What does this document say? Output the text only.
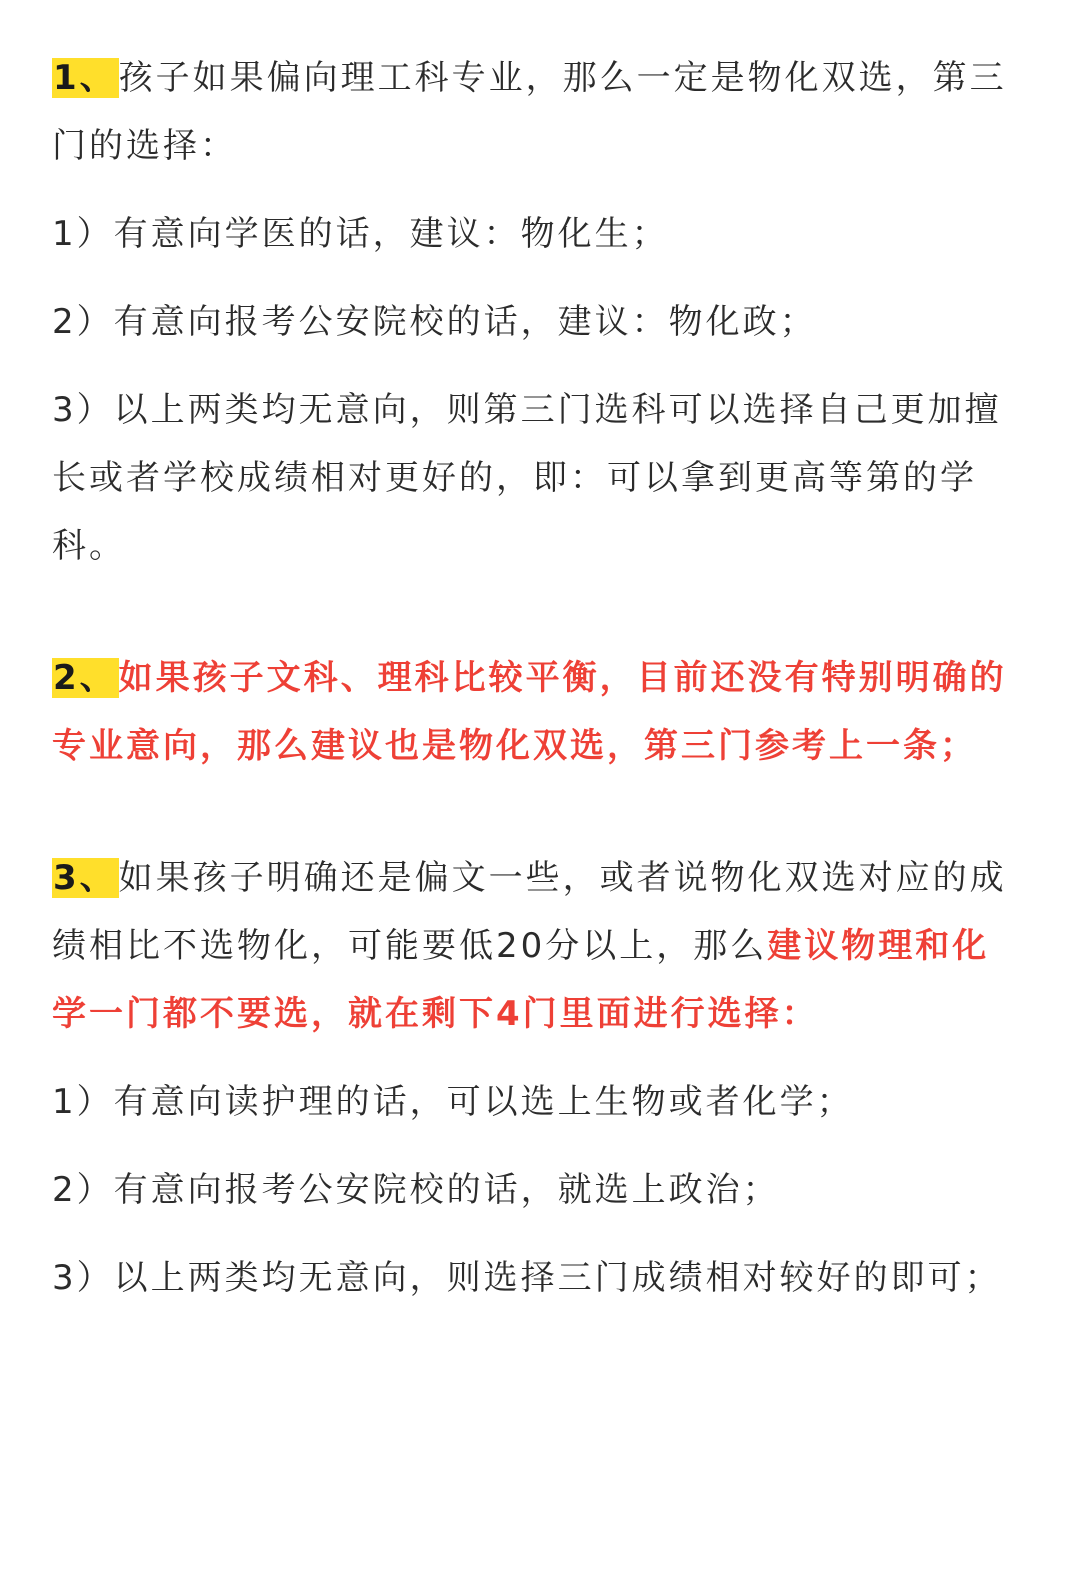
1、孩子如果偏向理工科专业，那么一定是物化双选，第三门的选择：

1）有意向学医的话，建议：物化生；

2）有意向报考公安院校的话，建议：物化政；

3）以上两类均无意向，则第三门选科可以选择自己更加擅长或者学校成绩相对更好的，即：可以拿到更高等第的学科。

2、如果孩子文科、理科比较平衡，目前还没有特别明确的专业意向，那么建议也是物化双选，第三门参考上一条；

3、如果孩子明确还是偏文一些，或者说物化双选对应的成绩相比不选物化，可能要低20分以上，那么建议物理和化学一门都不要选，就在剩下4门里面进行选择：

1）有意向读护理的话，可以选上生物或者化学；

2）有意向报考公安院校的话，就选上政治；

3）以上两类均无意向，则选择三门成绩相对较好的即可；
